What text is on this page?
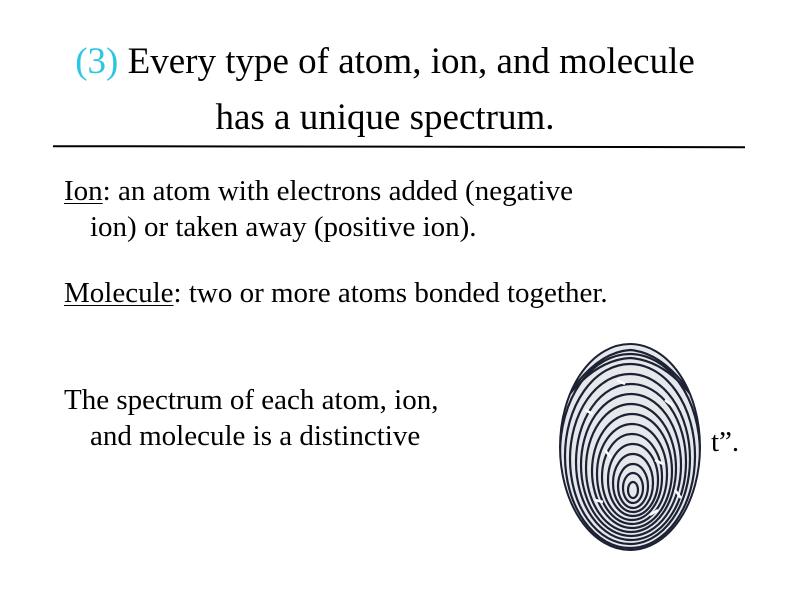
(3) Every type of atom, ion, and molecule
has a unique spectrum.
Ion: an atom with electrons added (negative
ion) or taken away (positive ion).
Molecule: two or more atoms bonded together.
The spectrum of each atom, ion,
and molecule is a distinctive	t”.
